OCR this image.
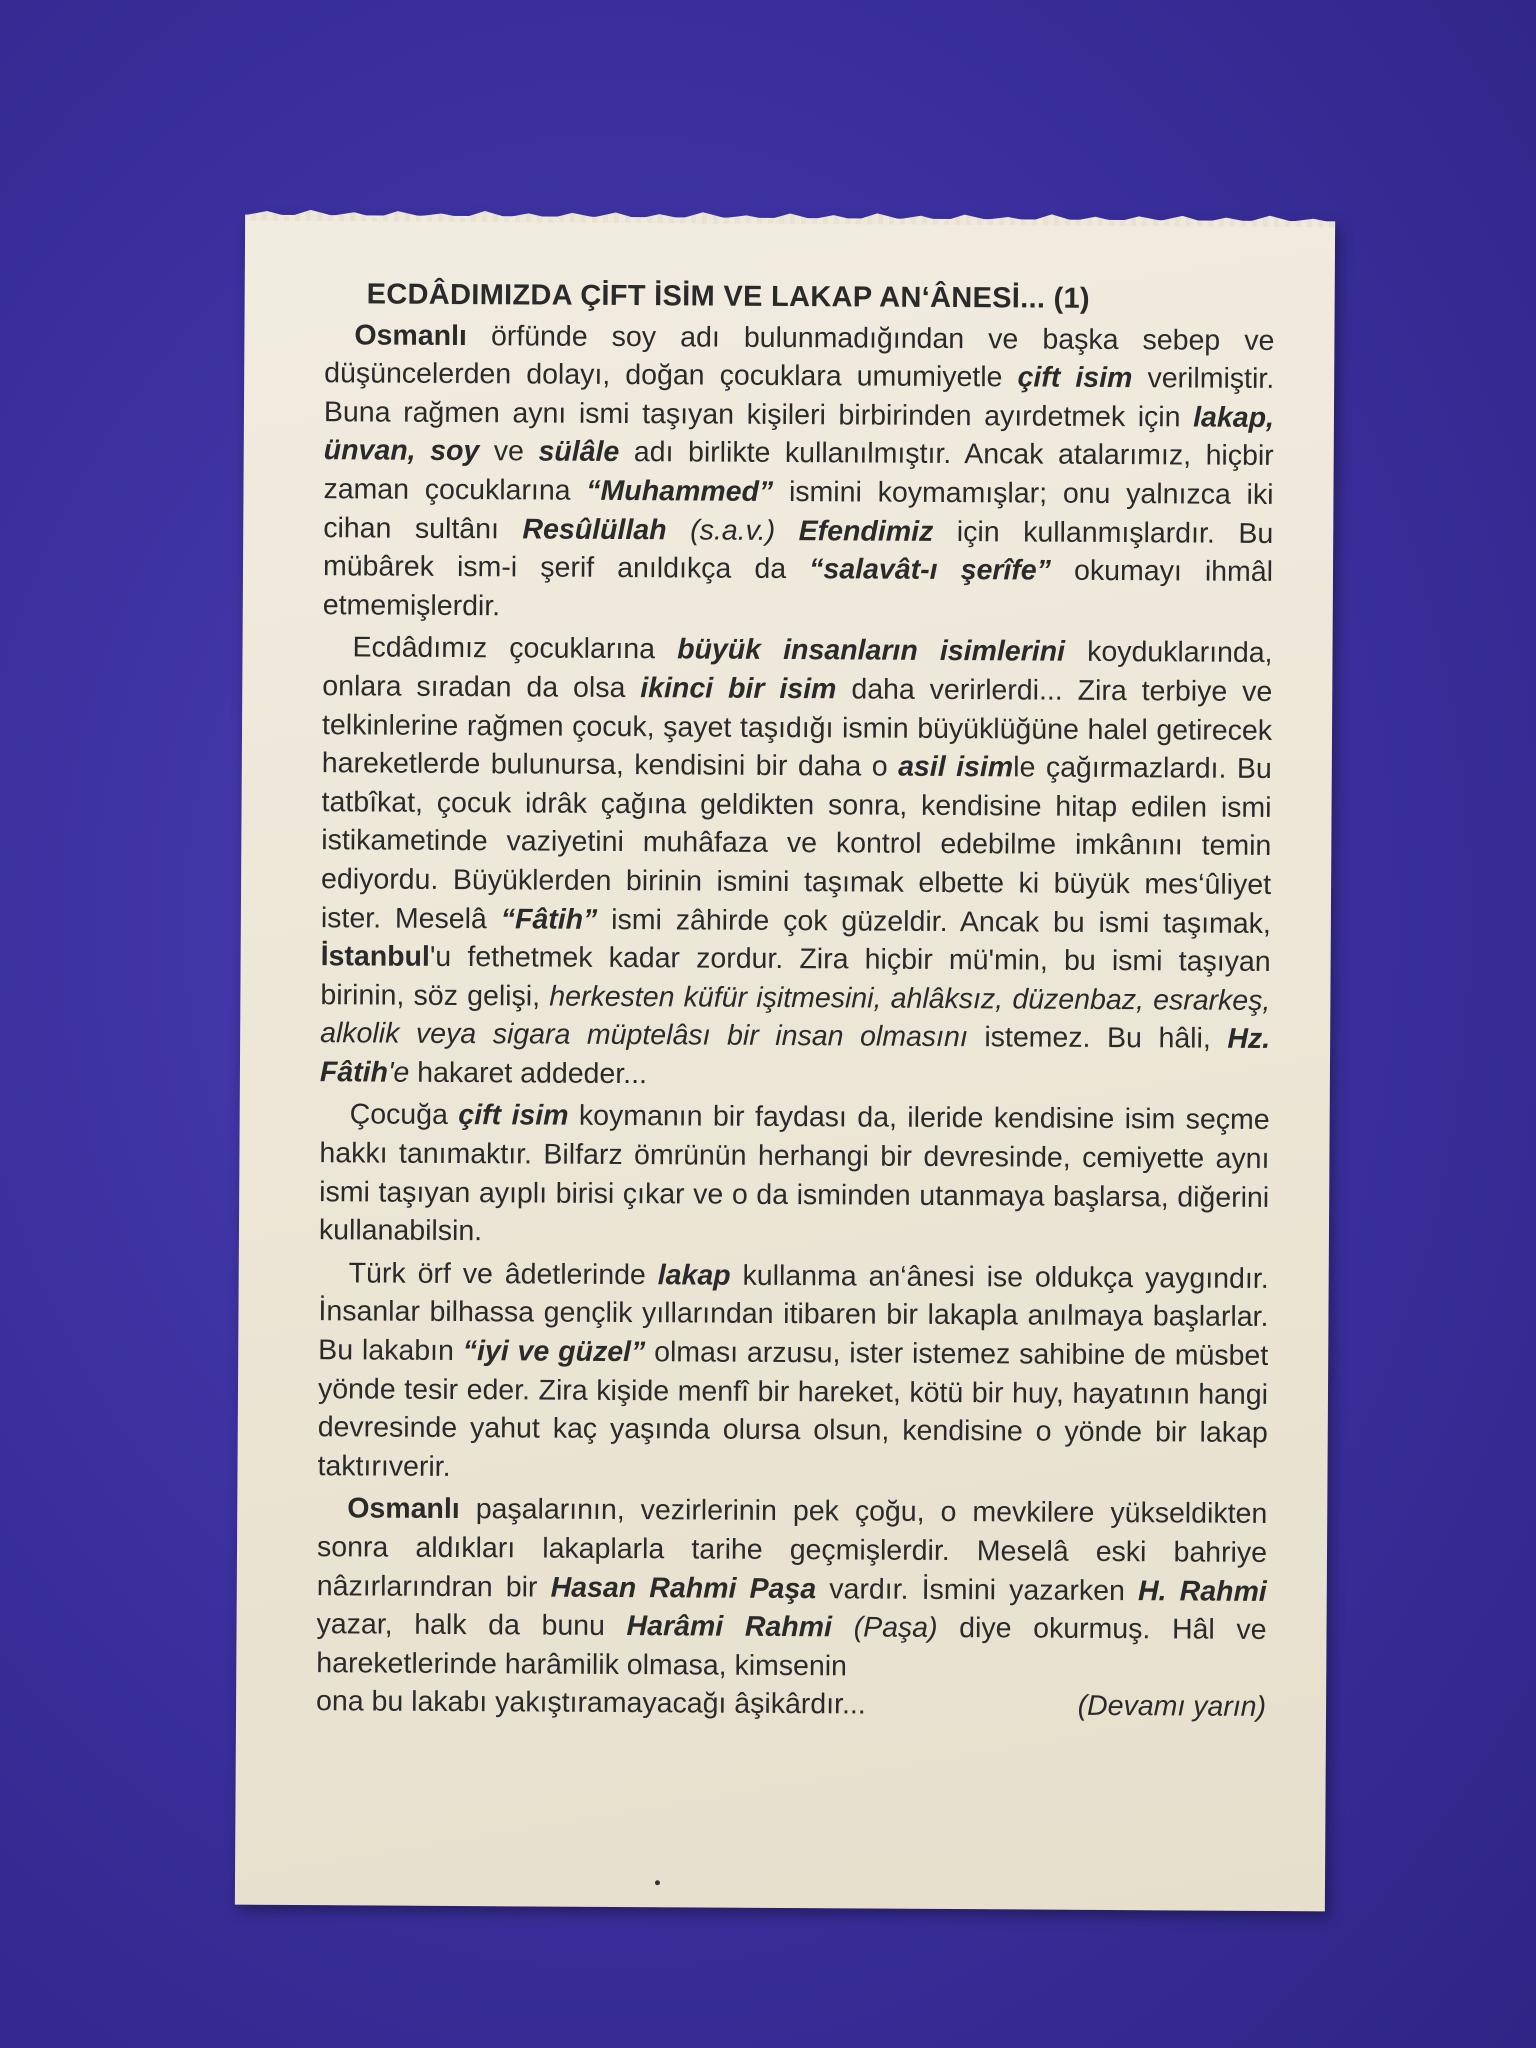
ECDÂDIMIZDA ÇİFT İSİM VE LAKAP AN‘ÂNESİ... (1)

Osmanlı örfünde soy adı bulunmadığından ve başka sebep ve düşüncelerden dolayı, doğan çocuklara umumiyetle çift isim verilmiştir. Buna rağmen aynı ismi taşıyan kişileri birbirinden ayırdetmek için lakap, ünvan, soy ve sülâle adı birlikte kullanılmıştır. Ancak atalarımız, hiçbir zaman çocuklarına “Muhammed” ismini koymamışlar; onu yalnızca iki cihan sultânı Resûlüllah (s.a.v.) Efendimiz için kullanmışlardır. Bu mübârek ism-i şerif anıldıkça da “salavât-ı şerîfe” okumayı ihmâl etmemişlerdir.

Ecdâdımız çocuklarına büyük insanların isimlerini koyduklarında, onlara sıradan da olsa ikinci bir isim daha verirlerdi... Zira terbiye ve telkinlerine rağmen çocuk, şayet taşıdığı ismin büyüklüğüne halel getirecek hareketlerde bulunursa, kendisini bir daha o asil isimle çağırmazlardı. Bu tatbîkat, çocuk idrâk çağına geldikten sonra, kendisine hitap edilen ismi istikametinde vaziyetini muhâfaza ve kontrol edebilme imkânını temin ediyordu. Büyüklerden birinin ismini taşımak elbette ki büyük mes‘ûliyet ister. Meselâ “Fâtih” ismi zâhirde çok güzeldir. Ancak bu ismi taşımak, İstanbul'u fethetmek kadar zordur. Zira hiçbir mü'min, bu ismi taşıyan birinin, söz gelişi, herkesten küfür işitmesini, ahlâksız, düzenbaz, esrarkeş, alkolik veya sigara müptelâsı bir insan olmasını istemez. Bu hâli, Hz. Fâtih'e hakaret addeder...

Çocuğa çift isim koymanın bir faydası da, ileride kendisine isim seçme hakkı tanımaktır. Bilfarz ömrünün herhangi bir devresinde, cemiyette aynı ismi taşıyan ayıplı birisi çıkar ve o da isminden utanmaya başlarsa, diğerini kullanabilsin.

Türk örf ve âdetlerinde lakap kullanma an‘ânesi ise oldukça yaygındır. İnsanlar bilhassa gençlik yıllarından itibaren bir lakapla anılmaya başlarlar. Bu lakabın “iyi ve güzel” olması arzusu, ister istemez sahibine de müsbet yönde tesir eder. Zira kişide menfî bir hareket, kötü bir huy, hayatının hangi devresinde yahut kaç yaşında olursa olsun, kendisine o yönde bir lakap taktırıverir.

Osmanlı paşalarının, vezirlerinin pek çoğu, o mevkilere yükseldikten sonra aldıkları lakaplarla tarihe geçmişlerdir. Meselâ eski bahriye nâzırlarındran bir Hasan Rahmi Paşa vardır. İsmini yazarken H. Rahmi yazar, halk da bunu Harâmi Rahmi (Paşa) diye okurmuş. Hâl ve hareketlerinde harâmilik olmasa, kimsenin

ona bu lakabı yakıştıramayacağı âşikârdır...	(Devamı yarın)
